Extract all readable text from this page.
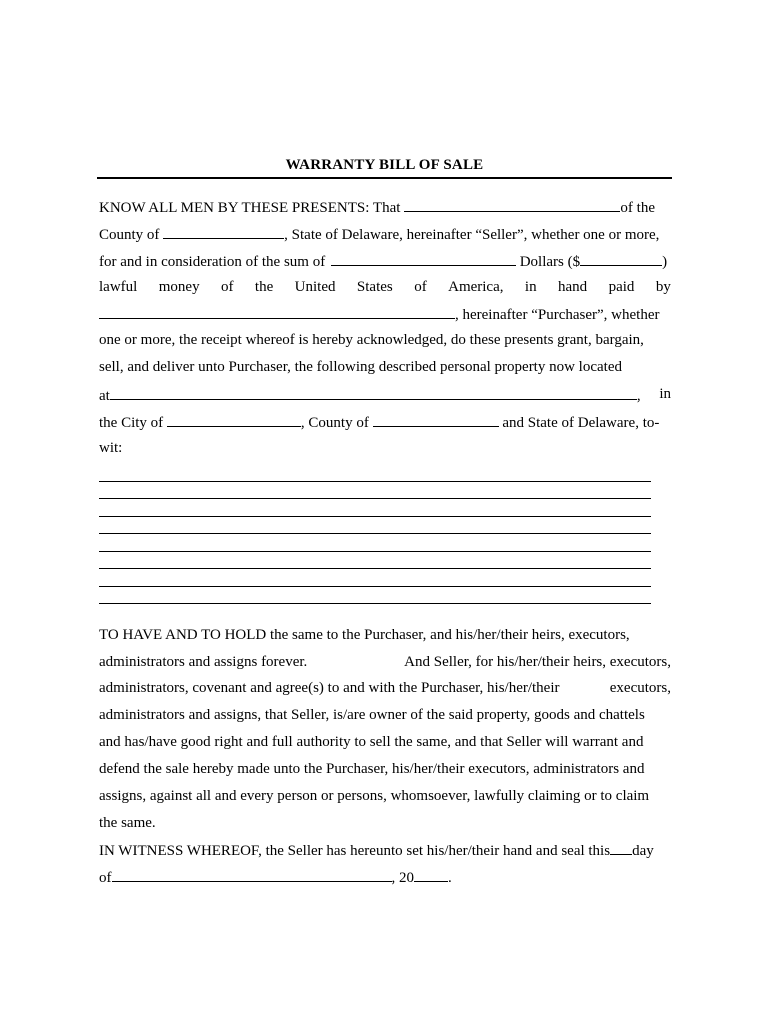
WARRANTY BILL OF SALE
KNOW ALL MEN BY THESE PRESENTS: That	of the
County of	, State of Delaware, hereinafter “Seller”, whether one or more,
for and in consideration of the sum of	Dollars ($	)
lawful money of the United States of America, in hand paid by
, hereinafter “Purchaser”, whether
one or more, the receipt whereof is hereby acknowledged, do these presents grant, bargain,
sell, and deliver unto Purchaser, the following described personal property now located
at	, in
the City of	, County of	and State of Delaware, to-
wit:
TO HAVE AND TO HOLD the same to the Purchaser, and his/her/their heirs, executors,
administrators and assigns forever.	And Seller, for his/her/their heirs, executors,
administrators, covenant and agree(s) to and with the Purchaser, his/her/their	executors,
administrators and assigns, that Seller, is/are owner of the said property, goods and chattels
and has/have good right and full authority to sell the same, and that Seller will warrant and
defend the sale hereby made unto the Purchaser, his/her/their executors, administrators and
assigns, against all and every person or persons, whomsoever, lawfully claiming or to claim
the same.
IN WITNESS WHEREOF, the Seller has hereunto set his/her/their hand and seal this day
of	, 20 .
